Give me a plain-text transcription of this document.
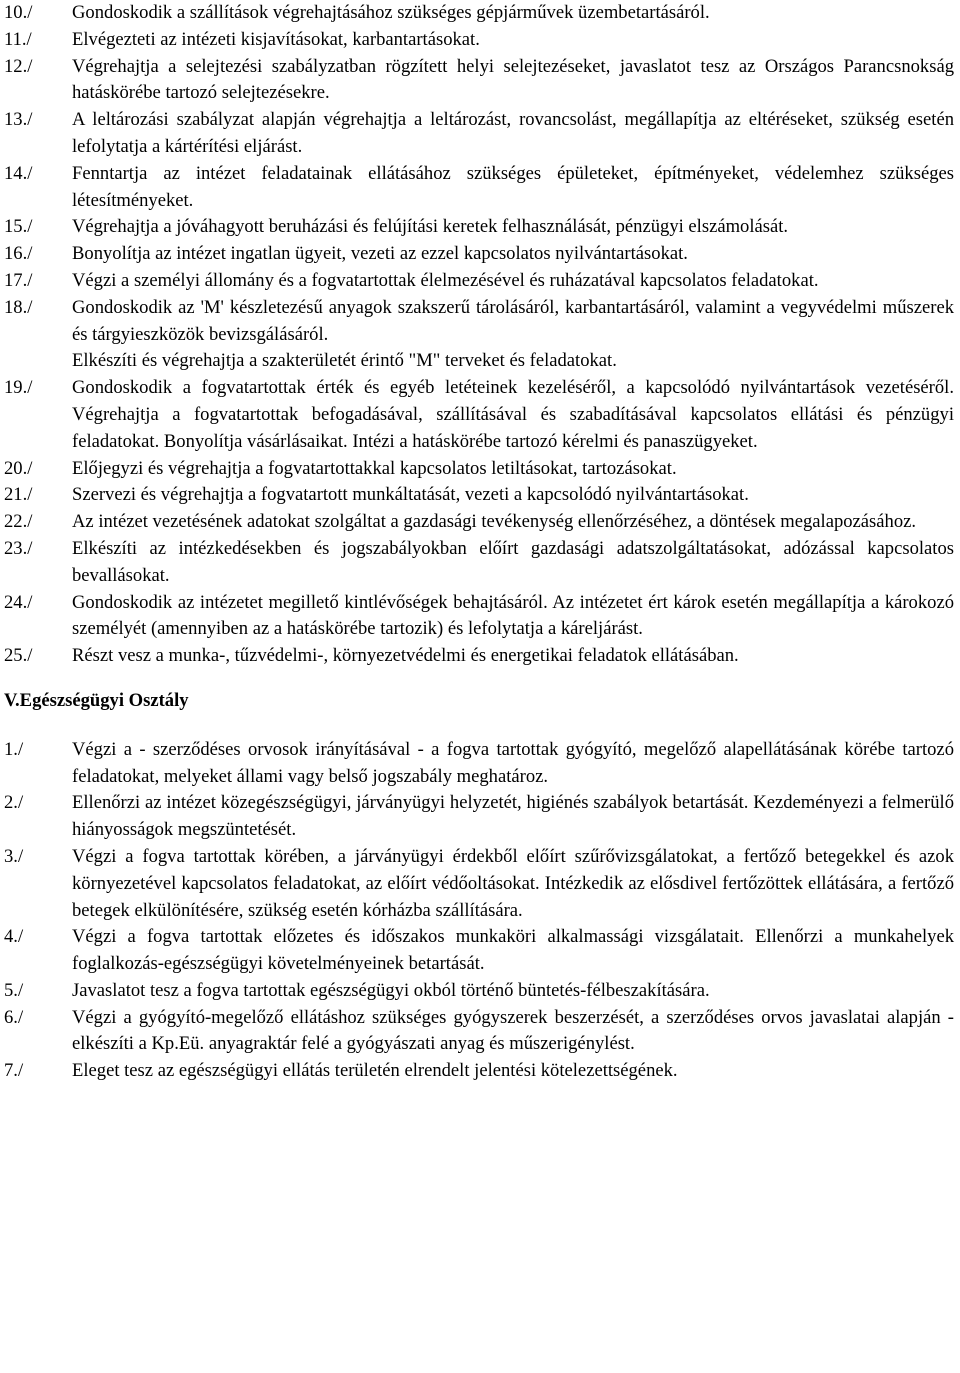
10./	Gondoskodik a szállítások végrehajtásához szükséges gépjárművek üzembetartásáról.

11./	Elvégezteti az intézeti kisjavításokat, karbantartásokat.

12./	Végrehajtja a selejtezési szabályzatban rögzített helyi selejtezéseket, javaslatot tesz az Országos Parancsnokság hatáskörébe tartozó selejtezésekre.

13./	A leltározási szabályzat alapján végrehajtja a leltározást, rovancsolást, megállapítja az eltéréseket, szükség esetén lefolytatja a kártérítési eljárást.

14./	Fenntartja az intézet feladatainak ellátásához szükséges épületeket, építményeket, védelemhez szükséges létesítményeket.

15./	Végrehajtja a jóváhagyott beruházási és felújítási keretek felhasználását, pénzügyi elszámolását.

16./	Bonyolítja az intézet ingatlan ügyeit, vezeti az ezzel kapcsolatos nyilvántartásokat.

17./	Végzi a személyi állomány és a fogvatartottak élelmezésével és ruházatával kapcsolatos feladatokat.

18./	Gondoskodik az 'M' készletezésű anyagok szakszerű tárolásáról, karbantartásáról, valamint a vegyvédelmi műszerek és tárgyieszközök bevizsgálásáról.

Elkészíti és végrehajtja a szakterületét érintő "M" terveket és feladatokat.

19./	Gondoskodik a fogvatartottak érték és egyéb letéteinek kezeléséről, a kapcsolódó nyilvántartások vezetéséről. Végrehajtja a fogvatartottak befogadásával, szállításával és szabadításával kapcsolatos ellátási és pénzügyi feladatokat. Bonyolítja vásárlásaikat. Intézi a hatáskörébe tartozó kérelmi és panaszügyeket.

20./	Előjegyzi és végrehajtja a fogvatartottakkal kapcsolatos letiltásokat, tartozásokat.

21./	Szervezi és végrehajtja a fogvatartott munkáltatását, vezeti a kapcsolódó nyilvántartásokat.

22./	Az intézet vezetésének adatokat szolgáltat a gazdasági tevékenység ellenőrzéséhez, a döntések megalapozásához.

23./	Elkészíti az intézkedésekben és jogszabályokban előírt gazdasági adatszolgáltatásokat, adózással kapcsolatos bevallásokat.

24./	Gondoskodik az intézetet megillető kintlévőségek behajtásáról. Az intézetet ért károk esetén megállapítja a károkozó személyét (amennyiben az a hatáskörébe tartozik) és lefolytatja a káreljárást.

25./	Részt vesz a munka-, tűzvédelmi-, környezetvédelmi és energetikai feladatok ellátásában.

V.Egészségügyi Osztály
1./	Végzi a - szerződéses orvosok irányításával - a fogva tartottak gyógyító, megelőző alapellátásának körébe tartozó feladatokat, melyeket állami vagy belső jogszabály meghatároz.

2./	Ellenőrzi az intézet közegészségügyi, járványügyi helyzetét, higiénés szabályok betartását. Kezdeményezi a felmerülő hiányosságok megszüntetését.

3./	Végzi a fogva tartottak körében, a járványügyi érdekből előírt szűrővizsgálatokat, a fertőző betegekkel és azok környezetével kapcsolatos feladatokat, az előírt védőoltásokat. Intézkedik az elősdivel fertőzöttek ellátására, a fertőző betegek elkülönítésére, szükség esetén kórházba szállítására.

4./	Végzi a fogva tartottak előzetes és időszakos munkaköri alkalmassági vizsgálatait. Ellenőrzi a munkahelyek foglalkozás-egészségügyi követelményeinek betartását.

5./	Javaslatot tesz a fogva tartottak egészségügyi okból történő büntetés-félbeszakítására.

6./	Végzi a gyógyító-megelőző ellátáshoz szükséges gyógyszerek beszerzését, a szerződéses orvos javaslatai alapján - elkészíti a Kp.Eü. anyagraktár felé a gyógyászati anyag és műszerigénylést.

7./	Eleget tesz az egészségügyi ellátás területén elrendelt jelentési kötelezettségének.
